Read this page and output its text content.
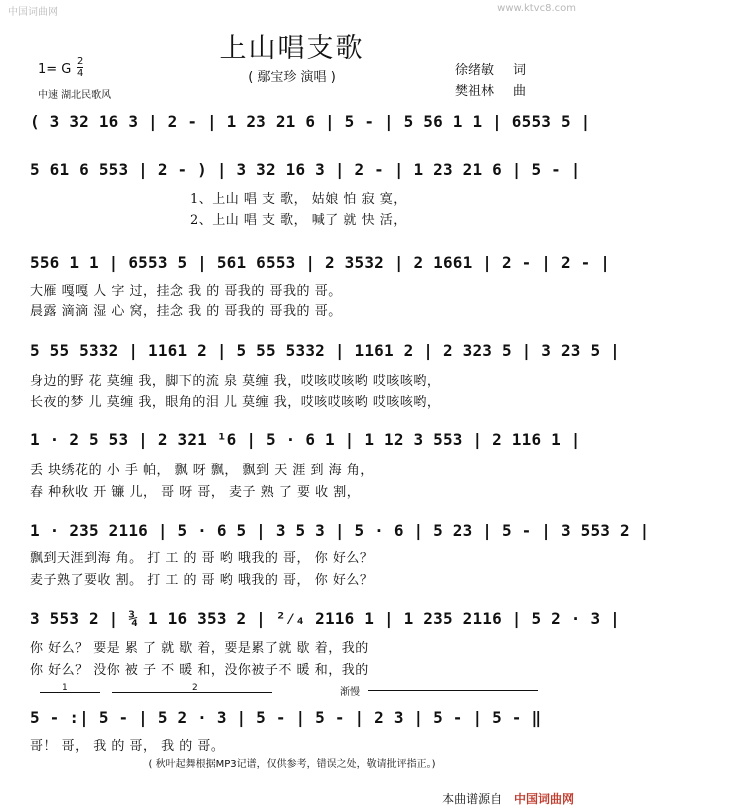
中国词曲网	www.ktvc8.com
上山唱支歌
( 鄢宝珍 演唱 )
1= G
2
4
中速 湖北民歌风
徐绪敏 词
樊祖林 曲
( 3 32 16 3 | 2 - | 1 23 21 6 | 5 - | 5 56 1 1 | 6553 5 |
5 61 6 553 | 2 - ) | 3 32 16 3 | 2 - | 1 23 21 6 | 5 - |
1、上山 唱 支 歌， 姑娘 怕 寂 寞，
2、上山 唱 支 歌， 喊了 就 快 活，
556 1 1 | 6553 5 | 561 6553 | 2 3532 | 2 1661 | 2 - | 2 - |
大雁 嘎嘎 人 字 过，挂念 我 的 哥我的 哥我的 哥。
晨露 滴滴 湿 心 窝，挂念 我 的 哥我的 哥我的 哥。
5 55 5332 | 1161 2 | 5 55 5332 | 1161 2 | 2 323 5 | 3 23 5 |
身边的野 花 莫缠 我，脚下的流 泉 莫缠 我，哎咳哎咳哟 哎咳咳哟，
长夜的梦 儿 莫缠 我，眼角的泪 儿 莫缠 我，哎咳哎咳哟 哎咳咳哟，
1 · 2 5 53 | 2 321 ¹6 | 5 · 6 1 | 1 12 3 553 | 2 116 1 |
丢 块绣花的 小 手 帕， 飘 呀 飘， 飘到 天 涯 到 海 角，
春 种秋收 开 镰 儿， 哥 呀 哥， 麦子 熟 了 要 收 割，
1 · 235 2116 | 5 · 6 5 | 3 5 3 | 5 · 6 | 5 23 | 5 - | 3 553 2 |
飘到天涯到海 角。 打 工 的 哥 哟 哦我的 哥， 你 好么？
麦子熟了要收 割。 打 工 的 哥 哟 哦我的 哥， 你 好么？
3 553 2 | ¾ 1 16 353 2 | ²⁄₄ 2116 1 | 1 235 2116 | 5 2 · 3 |
你 好么？ 要是 累 了 就 歇 着，要是累了就 歇 着，我的
你 好么？ 没你 被 子 不 暖 和，没你被子不 暖 和，我的
1	2	渐慢
5 - :| 5 - | 5 2 · 3 | 5 - | 5 - | 2 3 | 5 - | 5 - ‖
哥！ 哥， 我 的 哥， 我 的 哥。
( 秋叶起舞根据MP3记谱，仅供参考，错误之处，敬请批评指正。)
本曲谱源自 中国词曲网
